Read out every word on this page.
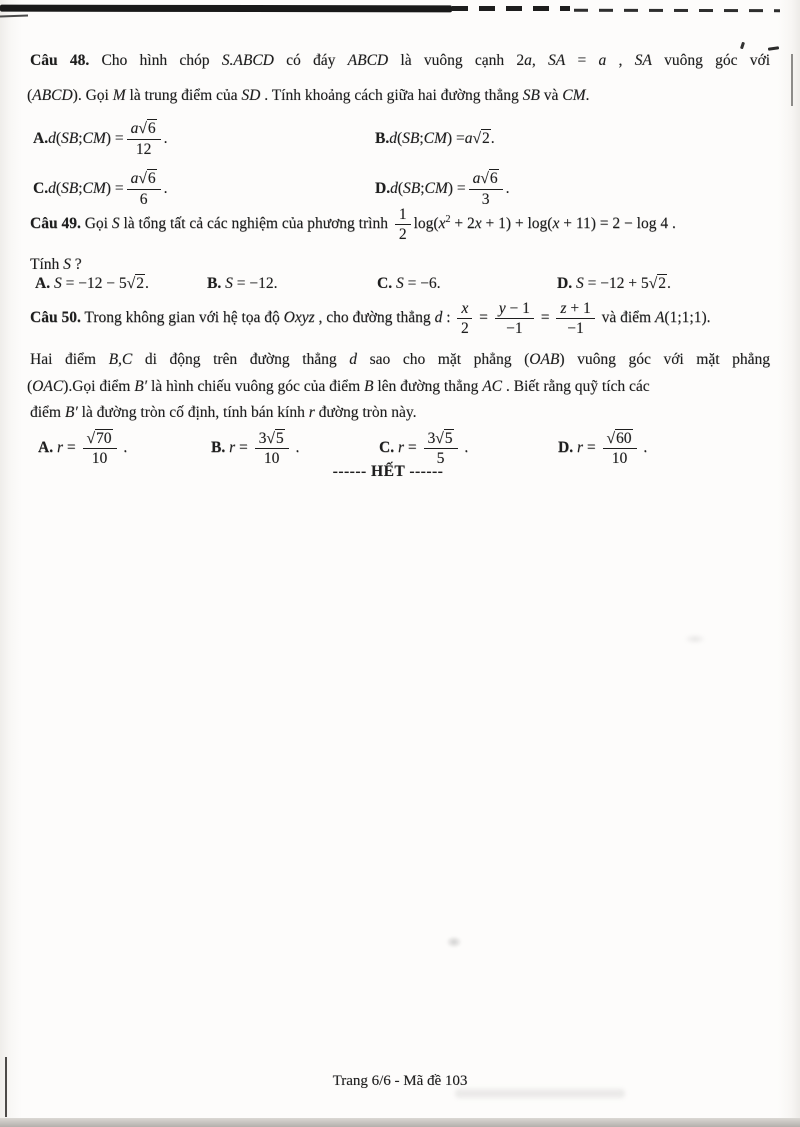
Câu 48. Cho hình chóp S.ABCD có đáy ABCD là vuông cạnh 2a, SA = a , SA vuông góc với
(ABCD). Gọi M là trung điểm của SD . Tính khoảng cách giữa hai đường thẳng SB và CM.
A. d ( SB ; CM ) = $\frac{a√6}{12}$ .	B. d ( SB ; CM ) = a √2 .
C. d ( SB ; CM ) = $\frac{a√6}{6}$ .	D. d ( SB ; CM ) = $\frac{a√6}{3}$ .
Câu 49. Gọi S là tổng tất cả các nghiệm của phương trình $\frac{1}{2} \log(x^2 + 2x + 1) + \log(x + 11) = 2 - \log 4$ .
Tính S ?
A. S = −12 − 5√2.	B. S = −12.	C. S = −6.	D. S = −12 + 5√2.
Câu 50. Trong không gian với hệ tọa độ Oxyz , cho đường thẳng d : $\frac{x}{2} = \frac{y - 1}{-1} = \frac{z + 1}{-1}$ và điểm A(1;1;1).
Hai điểm B,C di động trên đường thẳng d sao cho mặt phẳng (OAB) vuông góc với mặt phẳng
(OAC).Gọi điểm B′ là hình chiếu vuông góc của điểm B lên đường thẳng AC . Biết rằng quỹ tích các
điểm B′ là đường tròn cố định, tính bán kính r đường tròn này.
A. $r = \frac{√70}{10}$ .	B. $r = \frac{3√5}{10}$ .	C. $r = \frac{3√5}{5}$ .	D. $r = \frac{√60}{10}$ .
------ HẾT ------
Trang 6/6 - Mã đề 103
